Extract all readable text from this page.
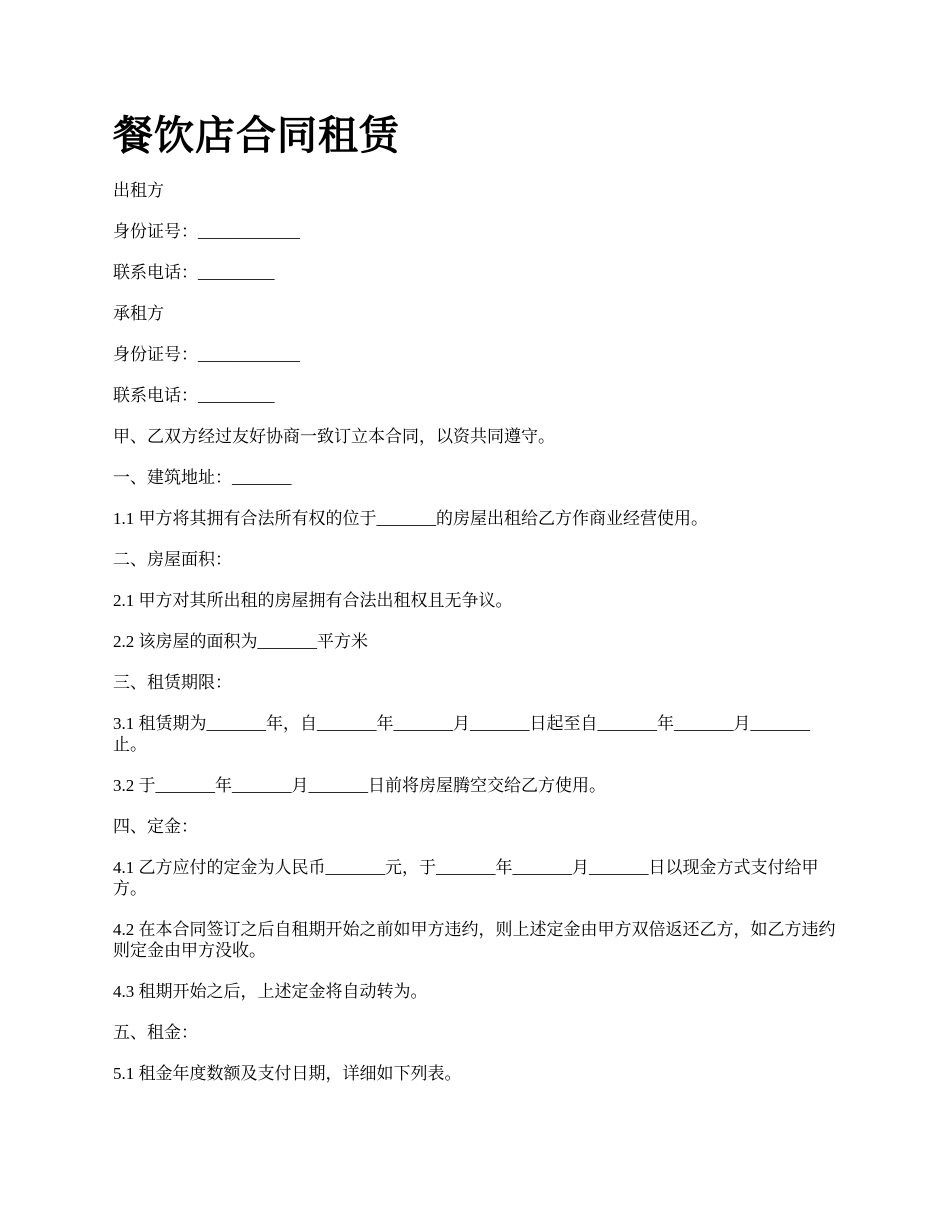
餐饮店合同租赁

出租方

身份证号：____________

联系电话：_________

承租方

身份证号：____________

联系电话：_________

甲、乙双方经过友好协商一致订立本合同，以资共同遵守。

一、建筑地址：_______

1.1 甲方将其拥有合法所有权的位于_______的房屋出租给乙方作商业经营使用。

二、房屋面积：

2.1 甲方对其所出租的房屋拥有合法出租权且无争议。

2.2 该房屋的面积为_______平方米

三、租赁期限：

3.1 租赁期为_______年，自_______年_______月_______日起至自_______年_______月_______止。

3.2 于_______年_______月_______日前将房屋腾空交给乙方使用。

四、定金：

4.1 乙方应付的定金为人民币_______元，于_______年_______月_______日以现金方式支付给甲方。

4.2 在本合同签订之后自租期开始之前如甲方违约，则上述定金由甲方双倍返还乙方，如乙方违约则定金由甲方没收。

4.3 租期开始之后，上述定金将自动转为。

五、租金：

5.1 租金年度数额及支付日期，详细如下列表。
